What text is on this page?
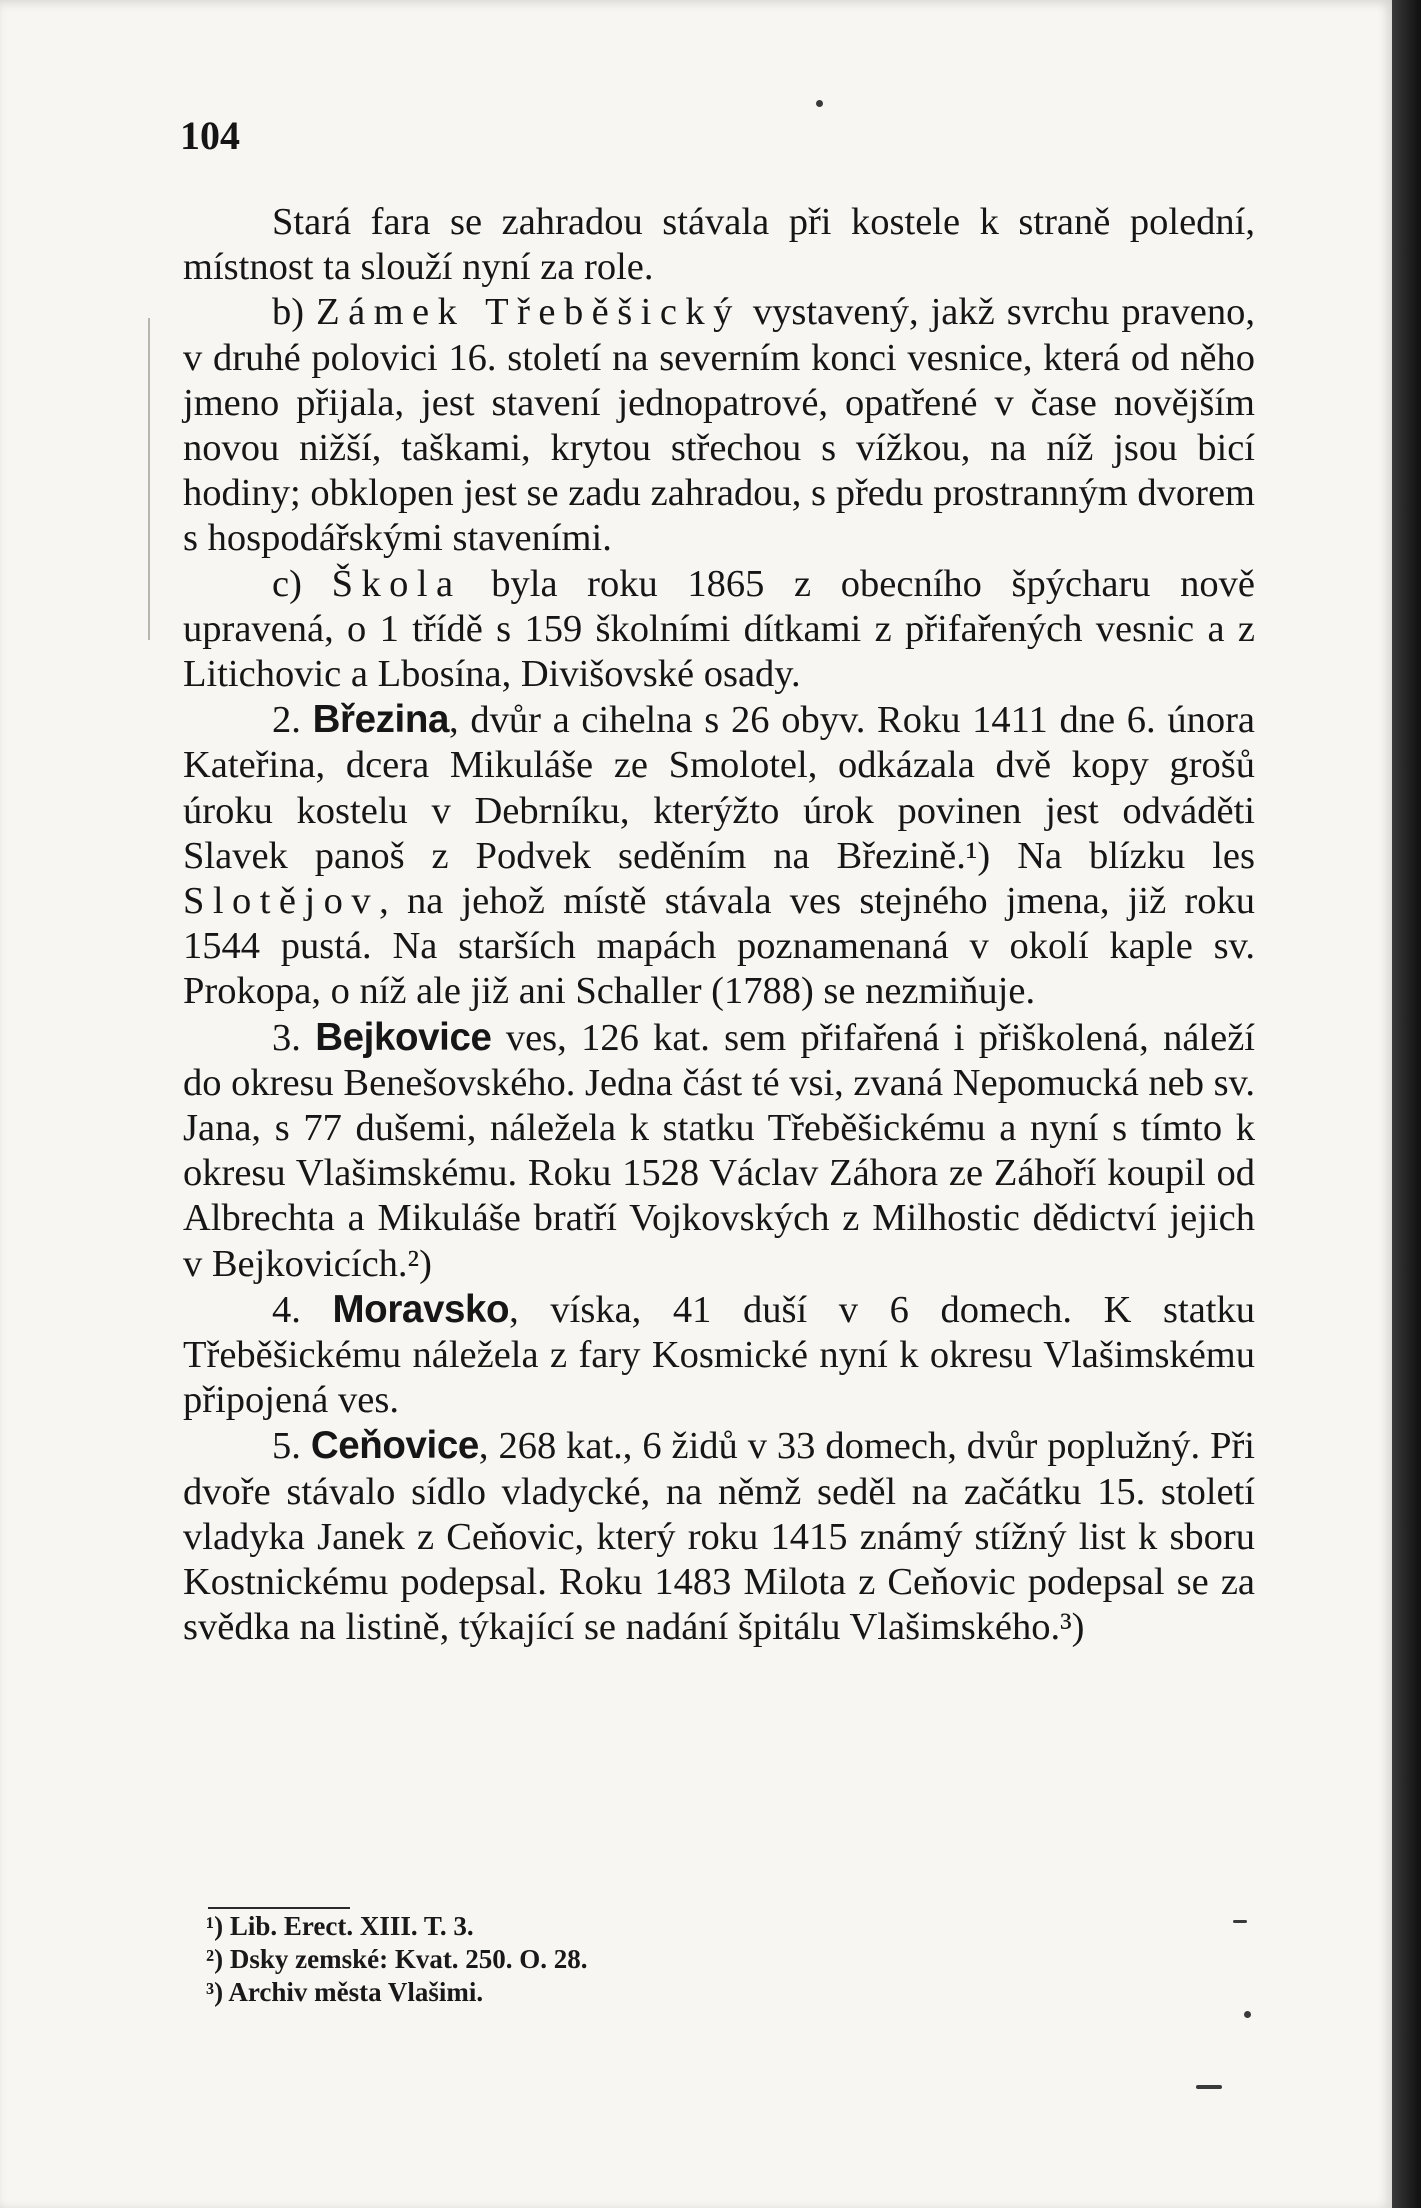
104

Stará fara se zahradou stávala při kostele k straně polední, místnost ta slouží nyní za role.

b) Zámek Třeběšický vystavený, jakž svrchu praveno, v druhé polovici 16. století na severním konci vesnice, která od něho jmeno přijala, jest stavení jednopatrové, opatřené v čase novějším novou nižší, taškami, krytou střechou s vížkou, na níž jsou bicí hodiny; obklopen jest se zadu zahradou, s předu prostranným dvorem s hospodářskými staveními.

c) Škola byla roku 1865 z obecního špýcharu nově upravená, o 1 třídě s 159 školními dítkami z přifařených vesnic a z Litichovic a Lbosína, Divišovské osady.

2. Březina, dvůr a cihelna s 26 obyv. Roku 1411 dne 6. února Kateřina, dcera Mikuláše ze Smolotel, odkázala dvě kopy grošů úroku kostelu v Debrníku, kterýžto úrok povinen jest odváděti Slavek panoš z Podvek seděním na Březině.¹) Na blízku les Slotějov, na jehož místě stávala ves stejného jmena, již roku 1544 pustá. Na starších mapách poznamenaná v okolí kaple sv. Prokopa, o níž ale již ani Schaller (1788) se nezmiňuje.

3. Bejkovice ves, 126 kat. sem přifařená i přiškolená, náleží do okresu Benešovského. Jedna část té vsi, zvaná Nepomucká neb sv. Jana, s 77 dušemi, náležela k statku Třeběšickému a nyní s tímto k okresu Vlašimskému. Roku 1528 Václav Záhora ze Záhoří koupil od Albrechta a Mikuláše bratří Vojkovských z Milhostic dědictví jejich v Bejkovicích.²)

4. Moravsko, víska, 41 duší v 6 domech. K statku Třeběšickému náležela z fary Kosmické nyní k okresu Vlašimskému připojená ves.

5. Ceňovice, 268 kat., 6 židů v 33 domech, dvůr poplužný. Při dvoře stávalo sídlo vladycké, na němž seděl na začátku 15. století vladyka Janek z Ceňovic, který roku 1415 známý stížný list k sboru Kostnickému podepsal. Roku 1483 Milota z Ceňovic podepsal se za svědka na listině, týkající se nadání špitálu Vlašimského.³)

¹) Lib. Erect. XIII. T. 3.
²) Dsky zemské: Kvat. 250. O. 28.
³) Archiv města Vlašimi.
